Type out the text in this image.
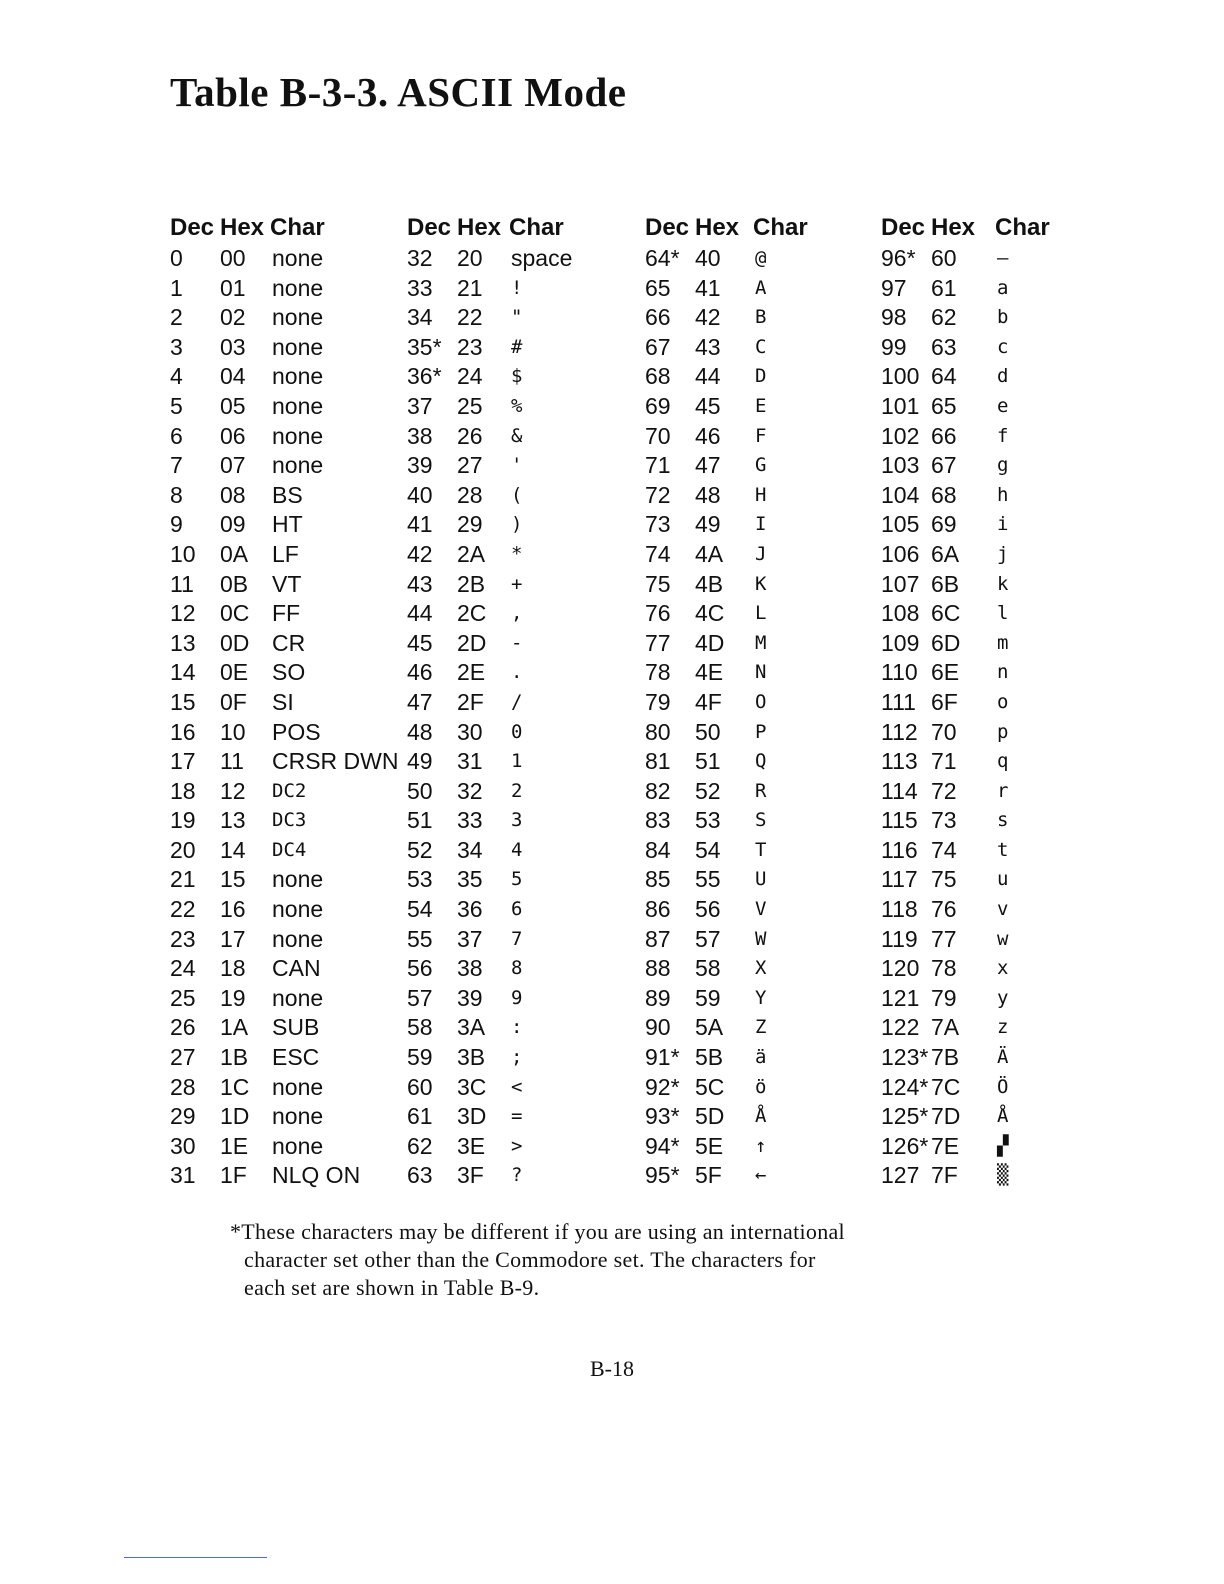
Table B-3-3. ASCII Mode
Dec Hex Char
0 00 none
1 01 none
2 02 none
3 03 none
4 04 none
5 05 none
6 06 none
7 07 none
8 08 BS
9 09 HT
10 0A LF
11 0B VT
12 0C FF
13 0D CR
14 0E SO
15 0F SI
16 10 POS
17 11 CRSR DWN
18 12 DC2
19 13 DC3
20 14 DC4
21 15 none
22 16 none
23 17 none
24 18 CAN
25 19 none
26 1A SUB
27 1B ESC
28 1C none
29 1D none
30 1E none
31 1F NLQ ON
Dec Hex Char
32 20 space
33 21 !
34 22 "
35* 23 #
36* 24 $
37 25 %
38 26 &
39 27 '
40 28 (
41 29 )
42 2A *
43 2B +
44 2C ,
45 2D -
46 2E .
47 2F /
48 30 0
49 31 1
50 32 2
51 33 3
52 34 4
53 35 5
54 36 6
55 37 7
56 38 8
57 39 9
58 3A :
59 3B ;
60 3C <
61 3D =
62 3E >
63 3F ?
Dec Hex Char
64* 40 @
65 41 A
66 42 B
67 43 C
68 44 D
69 45 E
70 46 F
71 47 G
72 48 H
73 49 I
74 4A J
75 4B K
76 4C L
77 4D M
78 4E N
79 4F O
80 50 P
81 51 Q
82 52 R
83 53 S
84 54 T
85 55 U
86 56 V
87 57 W
88 58 X
89 59 Y
90 5A Z
91* 5B ä
92* 5C ö
93* 5D Å
94* 5E ↑
95* 5F ←
Dec Hex Char
96* 60 —
97 61 a
98 62 b
99 63 c
100 64 d
101 65 e
102 66 f
103 67 g
104 68 h
105 69 i
106 6A j
107 6B k
108 6C l
109 6D m
110 6E n
111 6F o
112 70 p
113 71 q
114 72 r
115 73 s
116 74 t
117 75 u
118 76 v
119 77 w
120 78 x
121 79 y
122 7A z
123* 7B Ä
124* 7C Ö
125* 7D Å
126* 7E ▞
127 7F ▒
*These characters may be different if you are using an international
character set other than the Commodore set. The characters for
each set are shown in Table B-9.
B-18
